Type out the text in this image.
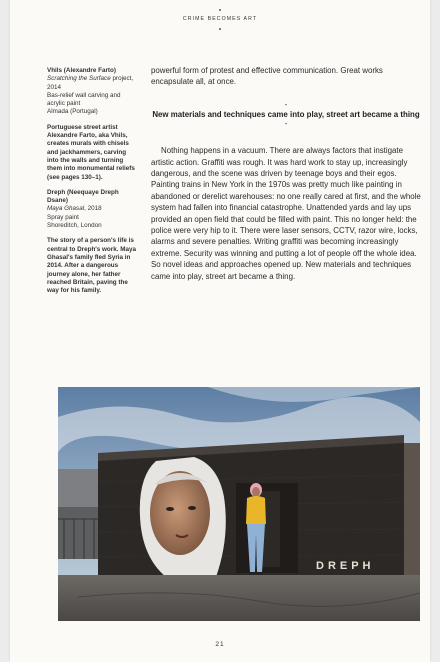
CRIME BECOMES ART
Vhils (Alexandre Farto)
Scratching the Surface project, 2014
Bas-relief wall carving and acrylic paint
Almada (Portugal)
Portuguese street artist Alexandre Farto, aka Vhils, creates murals with chisels and jackhammers, carving into the walls and turning them into monumental reliefs (see pages 130–1).
Dreph (Neequaye Dreph Dsane)
Maya Ghasal, 2018
Spray paint
Shoreditch, London
The story of a person's life is central to Dreph's work. Maya Ghasal's family fled Syria in 2014. After a dangerous journey alone, her father reached Britain, paving the way for his family.

powerful form of protest and effective communication. Great works encapsulate all, at once.

-
New materials and techniques came into play, street art became a thing
-

Nothing happens in a vacuum. There are always factors that instigate artistic action. Graffiti was rough. It was hard work to stay up, increasingly dangerous, and the scene was driven by teenage boys and their egos. Painting trains in New York in the 1970s was pretty much like painting in abandoned or derelict warehouses: no one really cared at first, and the whole system had fallen into financial catastrophe. Unattended yards and lay ups provided an open field that could be filled with paint. This no longer held: the police were very hip to it. There were laser sensors, CCTV, razor wire, locks, alarms and severe penalties. Writing graffiti was becoming increasingly extreme. Security was winning and putting a lot of people off the whole idea. So novel ideas and approaches opened up. New materials and techniques came into play, street art became a thing.

DREPH
21
